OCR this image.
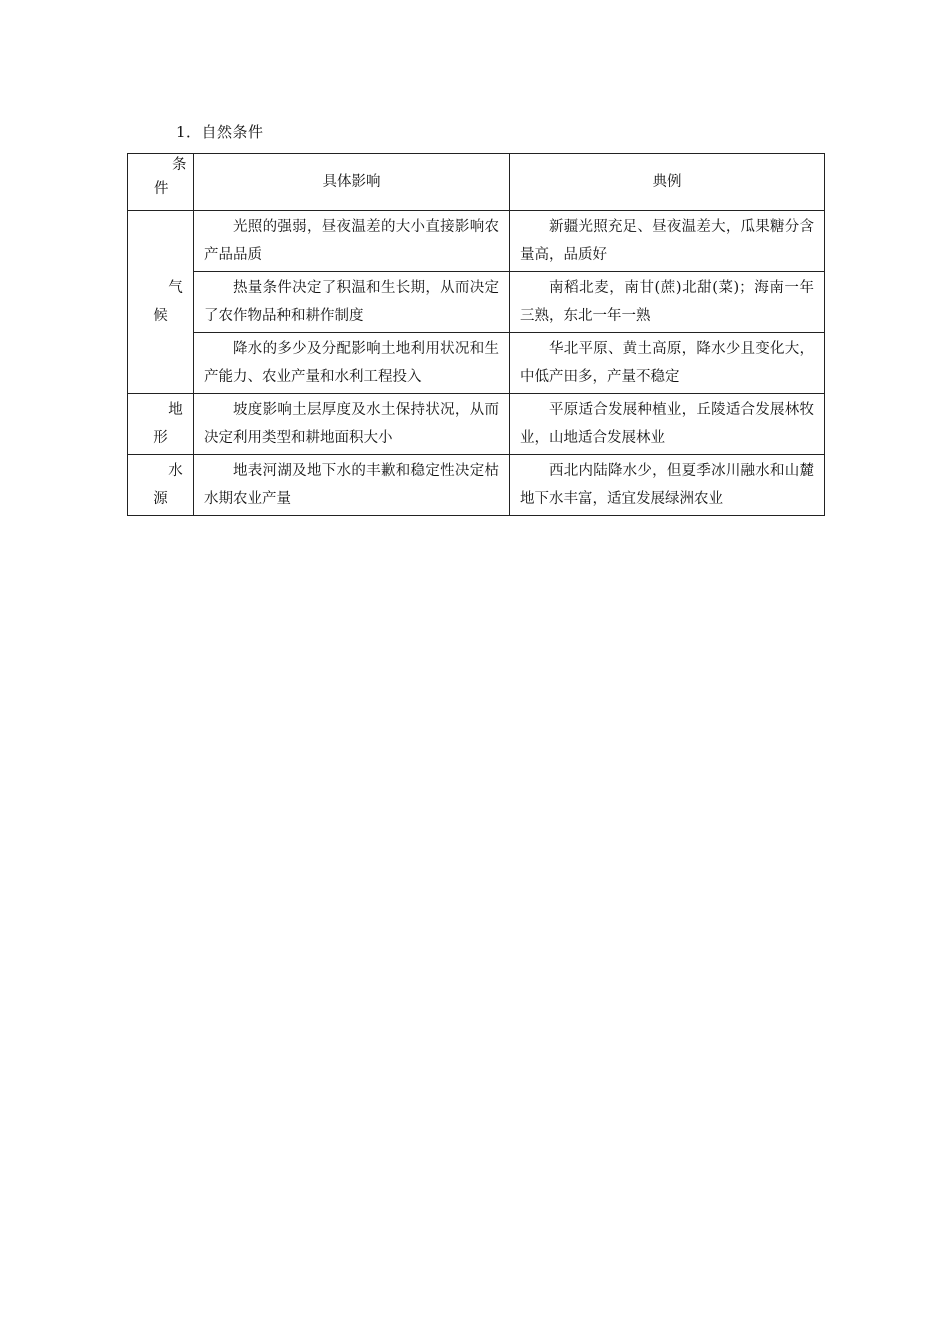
1．自然条件
条
件	具体影响	典例

气
候	光照的强弱，昼夜温差的大小直接影响农产品品质	新疆光照充足、昼夜温差大，瓜果糖分含量高，品质好
	热量条件决定了积温和生长期，从而决定了农作物品种和耕作制度	南稻北麦，南甘(蔗)北甜(菜)；海南一年三熟，东北一年一熟
	降水的多少及分配影响土地利用状况和生产能力、农业产量和水利工程投入	华北平原、黄土高原，降水少且变化大，中低产田多，产量不稳定

地
形	坡度影响土层厚度及水土保持状况，从而决定利用类型和耕地面积大小	平原适合发展种植业，丘陵适合发展林牧业，山地适合发展林业

水
源	地表河湖及地下水的丰歉和稳定性决定枯水期农业产量	西北内陆降水少，但夏季冰川融水和山麓地下水丰富，适宜发展绿洲农业
